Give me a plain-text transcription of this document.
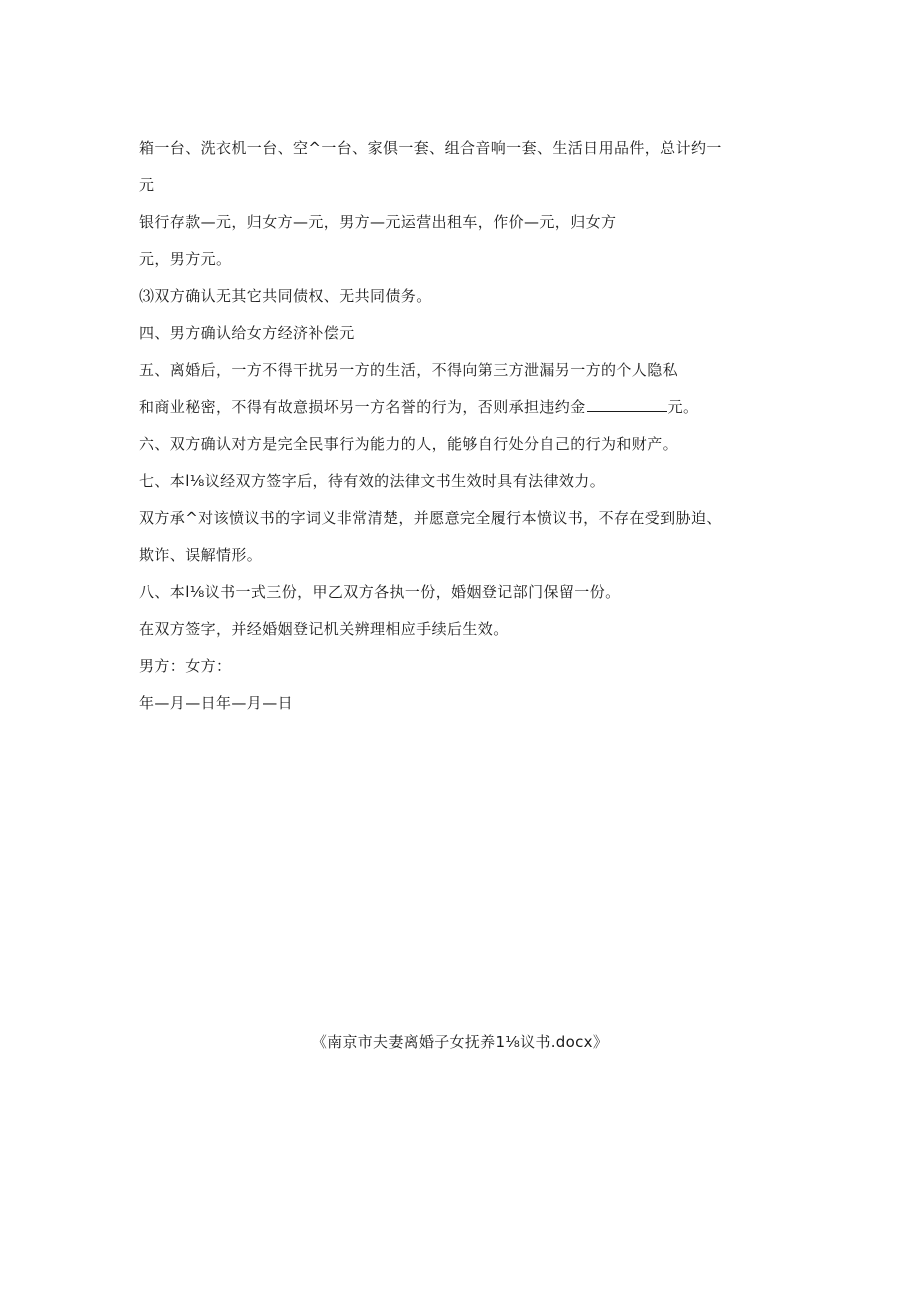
箱一台、洗衣机一台、空^一台、家俱一套、组合音响一套、生活日用品件，总计约一
元
银行存款—元，归女方—元，男方—元运营出租车，作价—元，归女方
元，男方元。
⑶双方确认无其它共同债权、无共同债务。
四、男方确认给女方经济补偿元
五、离婚后，一方不得干扰另一方的生活，不得向第三方泄漏另一方的个人隐私
和商业秘密，不得有故意损坏另一方名誉的行为，否则承担违约金	元。
六、双方确认对方是完全民事行为能力的人，能够自行处分自己的行为和财产。
七、本l⅛议经双方签字后，待有效的法律文书生效时具有法律效力。
双方承^对该愤议书的字词义非常清楚，并愿意完全履行本愤议书，不存在受到胁迫、
欺诈、误解情形。
八、本l⅛议书一式三份，甲乙双方各执一份，婚姻登记部门保留一份。
在双方签字，并经婚姻登记机关辨理相应手续后生效。
男方：女方：
年—月—日年—月—日
《南京市夫妻离婚子女抚养1⅛议书.docx》
